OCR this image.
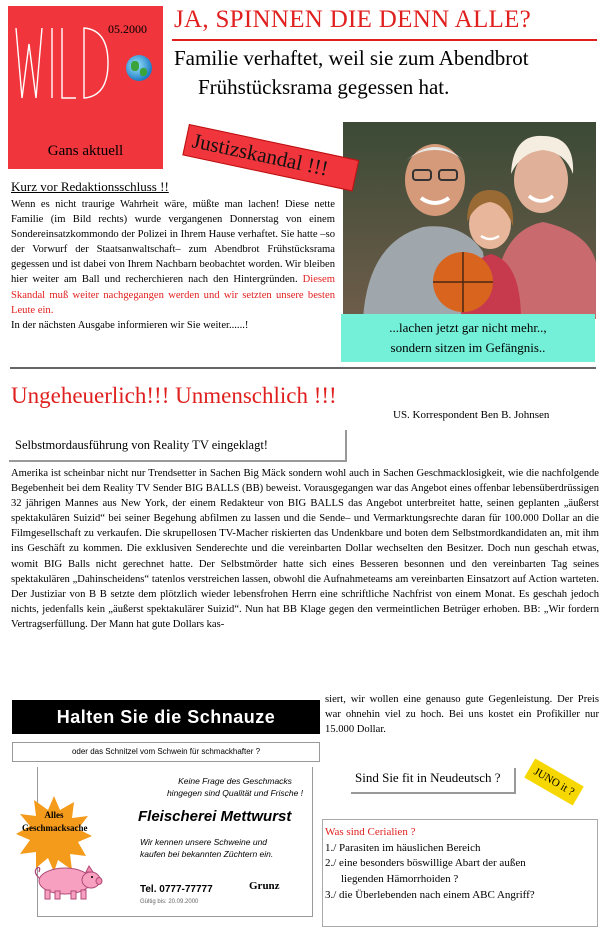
05.2000
Gans aktuell
JA, SPINNEN DIE DENN ALLE?
Familie verhaftet, weil sie zum Abendbrot
Frühstücksrama gegessen hat.
Justizskandal !!!
...lachen jetzt gar nicht mehr..,
sondern sitzen im Gefängnis..
Kurz vor Redaktionsschluss !!
Wenn es nicht traurige Wahrheit wäre, müßte man lachen! Diese nette Familie (im Bild rechts) wurde vergangenen Donnerstag von einem Sondereinsatzkommondo der Polizei in Ihrem Hause verhaftet. Sie hatte –so der Vorwurf der Staatsanwaltschaft– zum Abendbrot Frühstücksrama gegessen und ist dabei von Ihrem Nachbarn beobachtet worden. Wir bleiben hier weiter am Ball und recherchieren nach den Hintergründen. Diesem Skandal muß weiter nachgegangen werden und wir setzten unsere besten Leute ein.
In der nächsten Ausgabe informieren wir Sie weiter......!
Ungeheuerlich!!! Unmenschlich !!!
US. Korrespondent Ben B. Johnsen
Selbstmordausführung von Reality TV eingeklagt!
Amerika ist scheinbar nicht nur Trendsetter in Sachen Big Mäck sondern wohl auch in Sachen Geschmacklosigkeit, wie die nachfolgende Begebenheit bei dem Reality TV Sender BIG BALLS (BB) beweist. Vorausgegangen war das Angebot eines offenbar lebensüberdrüssigen 32 jährigen Mannes aus New York, der einem Redakteur von BIG BALLS das Angebot unterbreitet hatte, seinen geplanten „äußerst spektakulären Suizid“ bei seiner Begehung abfilmen zu lassen und die Sende– und Vermarktungsrechte daran für 100.000 Dollar an die Filmgesellschaft zu verkaufen. Die skrupellosen TV-Macher riskierten das Undenkbare und boten dem Selbstmordkandidaten an, mit ihm ins Geschäft zu kommen. Die exklusiven Senderechte und die vereinbarten Dollar wechselten den Besitzer. Doch nun geschah etwas, womit BIG Balls nicht gerechnet hatte. Der Selbstmörder hatte sich eines Besseren besonnen und den vereinbarten Tag seines spektakulären „Dahinscheidens“ tatenlos verstreichen lassen, obwohl die Aufnahmeteams am vereinbarten Einsatzort auf Action warteten. Der Justiziar von B B setzte dem plötzlich wieder lebensfrohen Herrn eine schriftliche Nachfrist von einem Monat. Es geschah jedoch nichts, jedenfalls kein „äußerst spektakulärer Suizid“. Nun hat BB Klage gegen den vermeintlichen Betrüger erhoben. BB: „Wir fordern Vertragserfüllung. Der Mann hat gute Dollars kas-
siert, wir wollen eine genauso gute Gegenleistung. Der Preis war ohnehin viel zu hoch. Bei uns kostet ein Profikiller nur 15.000 Dollar.
Halten Sie die Schnauze
oder das Schnitzel vom Schwein für schmackhafter ?
Alles
Geschmacksache
Keine Frage des Geschmacks
hingegen sind Qualität und Frische !
Fleischerei Mettwurst
Wir kennen unsere Schweine und
kaufen bei bekannten Züchtern ein.
Tel. 0777-77777
Gültig bis: 20.09.2000
Grunz
Sind Sie fit in Neudeutsch ?	JUNO it ?
Was sind Cerialien ?
1./ Parasiten im häuslichen Bereich
2./ eine besonders böswillige Abart der außen
liegenden Hämorrhoiden ?
3./ die Überlebenden nach einem ABC Angriff?
